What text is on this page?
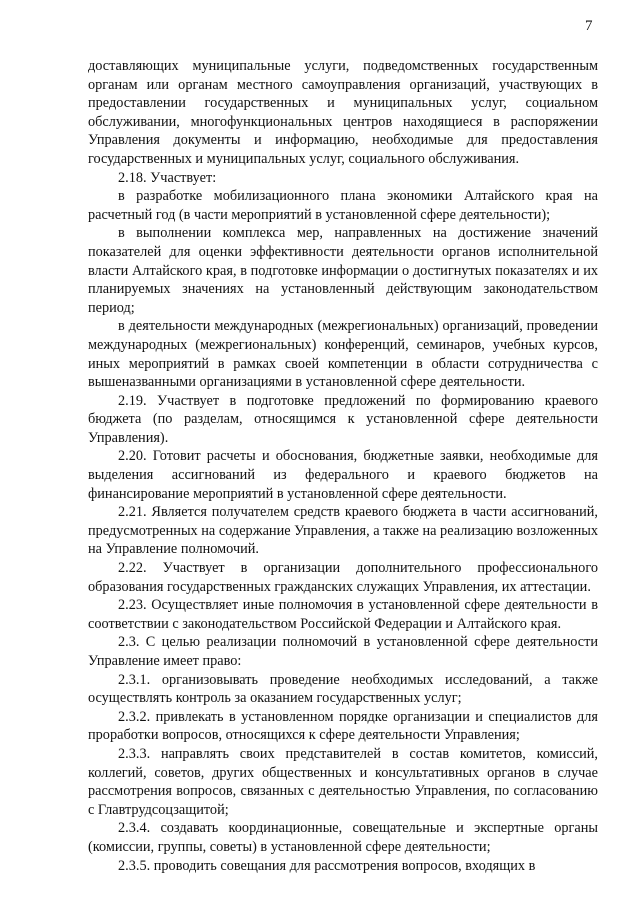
7

доставляющих муниципальные услуги, подведомственных государственным органам или органам местного самоуправления организаций, участвующих в предоставлении государственных и муниципальных услуг, социальном обслуживании, многофункциональных центров находящиеся в распоряжении Управления документы и информацию, необходимые для предоставления государственных и муниципальных услуг, социального обслуживания.

2.18. Участвует:

в разработке мобилизационного плана экономики Алтайского края на расчетный год (в части мероприятий в установленной сфере деятельности);

в выполнении комплекса мер, направленных на достижение значений показателей для оценки эффективности деятельности органов исполнительной власти Алтайского края, в подготовке информации о достигнутых показателях и их планируемых значениях на установленный действующим законодательством период;

в деятельности международных (межрегиональных) организаций, проведении международных (межрегиональных) конференций, семинаров, учебных курсов, иных мероприятий в рамках своей компетенции в области сотрудничества с вышеназванными организациями в установленной сфере деятельности.

2.19. Участвует в подготовке предложений по формированию краевого бюджета (по разделам, относящимся к установленной сфере деятельности Управления).

2.20. Готовит расчеты и обоснования, бюджетные заявки, необходимые для выделения ассигнований из федерального и краевого бюджетов на финансирование мероприятий в установленной сфере деятельности.

2.21. Является получателем средств краевого бюджета в части ассигнований, предусмотренных на содержание Управления, а также на реализацию возложенных на Управление полномочий.

2.22. Участвует в организации дополнительного профессионального образования государственных гражданских служащих Управления, их аттестации.

2.23. Осуществляет иные полномочия в установленной сфере деятельности в соответствии с законодательством Российской Федерации и Алтайского края.

2.3. С целью реализации полномочий в установленной сфере деятельности Управление имеет право:

2.3.1. организовывать проведение необходимых исследований, а также осуществлять контроль за оказанием государственных услуг;

2.3.2. привлекать в установленном порядке организации и специалистов для проработки вопросов, относящихся к сфере деятельности Управления;

2.3.3. направлять своих представителей в состав комитетов, комиссий, коллегий, советов, других общественных и консультативных органов в случае рассмотрения вопросов, связанных с деятельностью Управления, по согласованию с Главтрудсоцзащитой;

2.3.4. создавать координационные, совещательные и экспертные органы (комиссии, группы, советы) в установленной сфере деятельности;

2.3.5. проводить совещания для рассмотрения вопросов, входящих в
